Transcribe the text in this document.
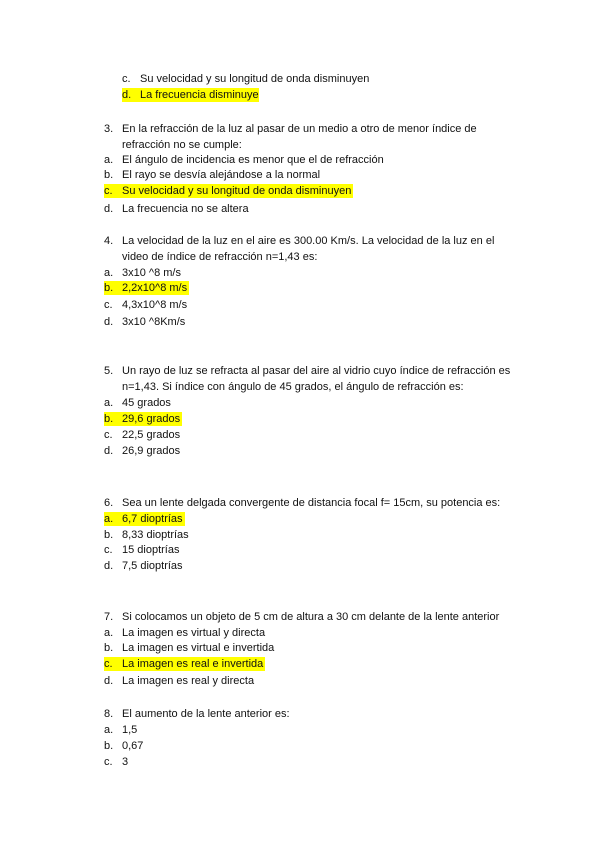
c. Su velocidad y su longitud de onda disminuyen
d. La frecuencia disminuye
3. En la refracción de la luz al pasar de un medio a otro de menor índice de
refracción no se cumple:
a. El ángulo de incidencia es menor que el de refracción
b. El rayo se desvía alejándose a la normal
c. Su velocidad y su longitud de onda disminuyen
d. La frecuencia no se altera
4. La velocidad de la luz en el aire es 300.00 Km/s. La velocidad de la luz en el
video de índice de refracción n=1,43 es:
a. 3x10 ^8 m/s
b. 2,2x10^8 m/s
c. 4,3x10^8 m/s
d. 3x10 ^8Km/s
5. Un rayo de luz se refracta al pasar del aire al vidrio cuyo índice de refracción es
n=1,43. Si índice con ángulo de 45 grados, el ángulo de refracción es:
a. 45 grados
b. 29,6 grados
c. 22,5 grados
d. 26,9 grados
6. Sea un lente delgada convergente de distancia focal f= 15cm, su potencia es:
a. 6,7 dioptrías
b. 8,33 dioptrías
c. 15 dioptrías
d. 7,5 dioptrías
7. Si colocamos un objeto de 5 cm de altura a 30 cm delante de la lente anterior
a. La imagen es virtual y directa
b. La imagen es virtual e invertida
c. La imagen es real e invertida
d. La imagen es real y directa
8. El aumento de la lente anterior es:
a. 1,5
b. 0,67
c. 3
